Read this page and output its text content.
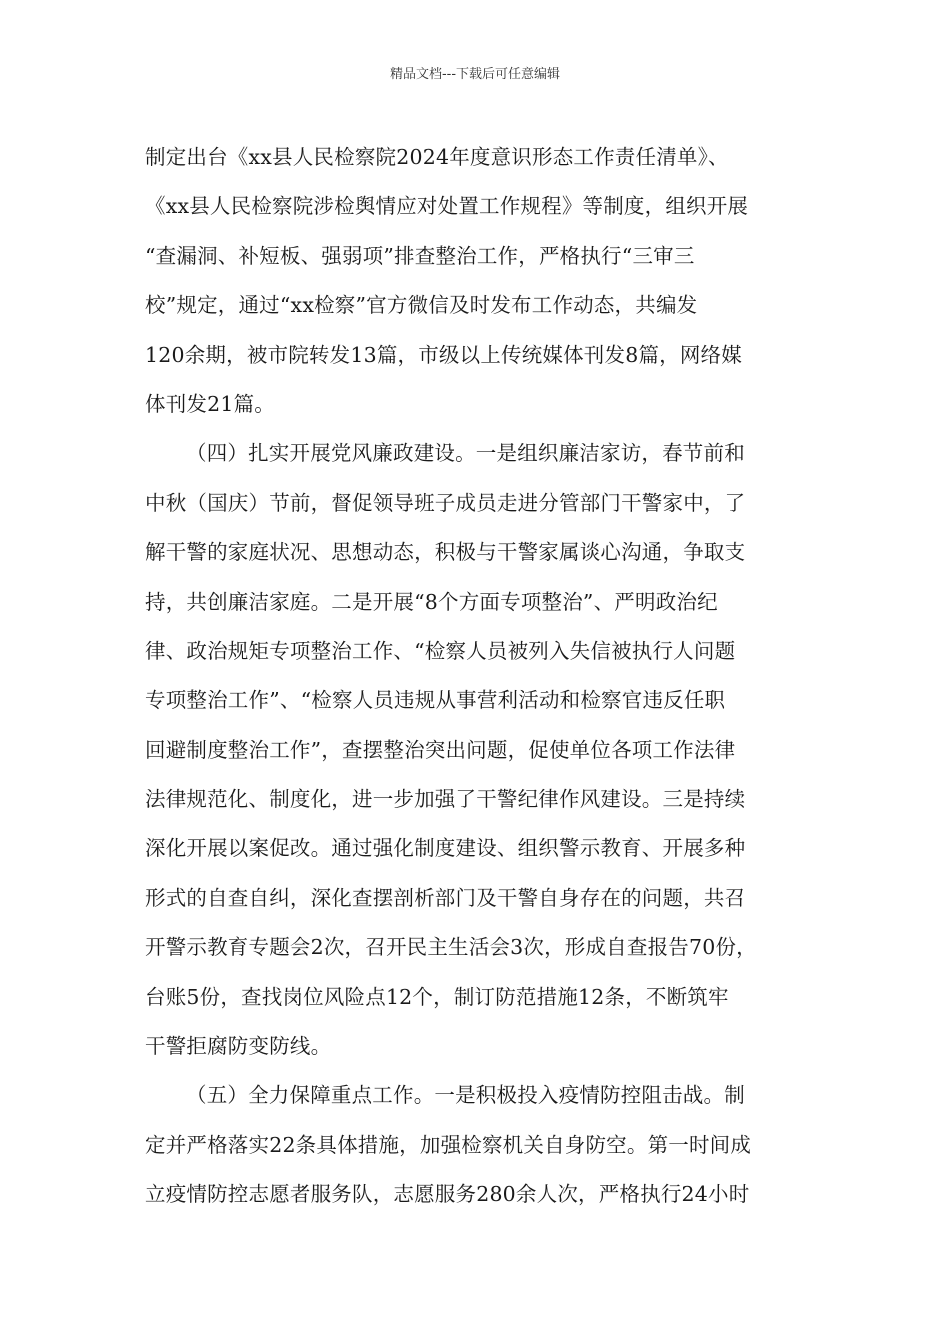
精品文档---下载后可任意编辑
制定出台《xx县人民检察院2024年度意识形态工作责任清单》、
《xx县人民检察院涉检舆情应对处置工作规程》等制度，组织开展
“查漏洞、补短板、强弱项”排查整治工作，严格执行“三审三
校”规定，通过“xx检察”官方微信及时发布工作动态，共编发
120余期，被市院转发13篇，市级以上传统媒体刊发8篇，网络媒
体刊发21篇。
（四）扎实开展党风廉政建设。一是组织廉洁家访，春节前和
中秋（国庆）节前，督促领导班子成员走进分管部门干警家中，了
解干警的家庭状况、思想动态，积极与干警家属谈心沟通，争取支
持，共创廉洁家庭。二是开展“8个方面专项整治”、严明政治纪
律、政治规矩专项整治工作、“检察人员被列入失信被执行人问题
专项整治工作”、“检察人员违规从事营利活动和检察官违反任职
回避制度整治工作”，查摆整治突出问题，促使单位各项工作法律
法律规范化、制度化，进一步加强了干警纪律作风建设。三是持续
深化开展以案促改。通过强化制度建设、组织警示教育、开展多种
形式的自查自纠，深化查摆剖析部门及干警自身存在的问题，共召
开警示教育专题会2次，召开民主生活会3次，形成自查报告70份，
台账5份，查找岗位风险点12个，制订防范措施12条，不断筑牢
干警拒腐防变防线。
（五）全力保障重点工作。一是积极投入疫情防控阻击战。制
定并严格落实22条具体措施，加强检察机关自身防空。第一时间成
立疫情防控志愿者服务队，志愿服务280余人次，严格执行24小时
